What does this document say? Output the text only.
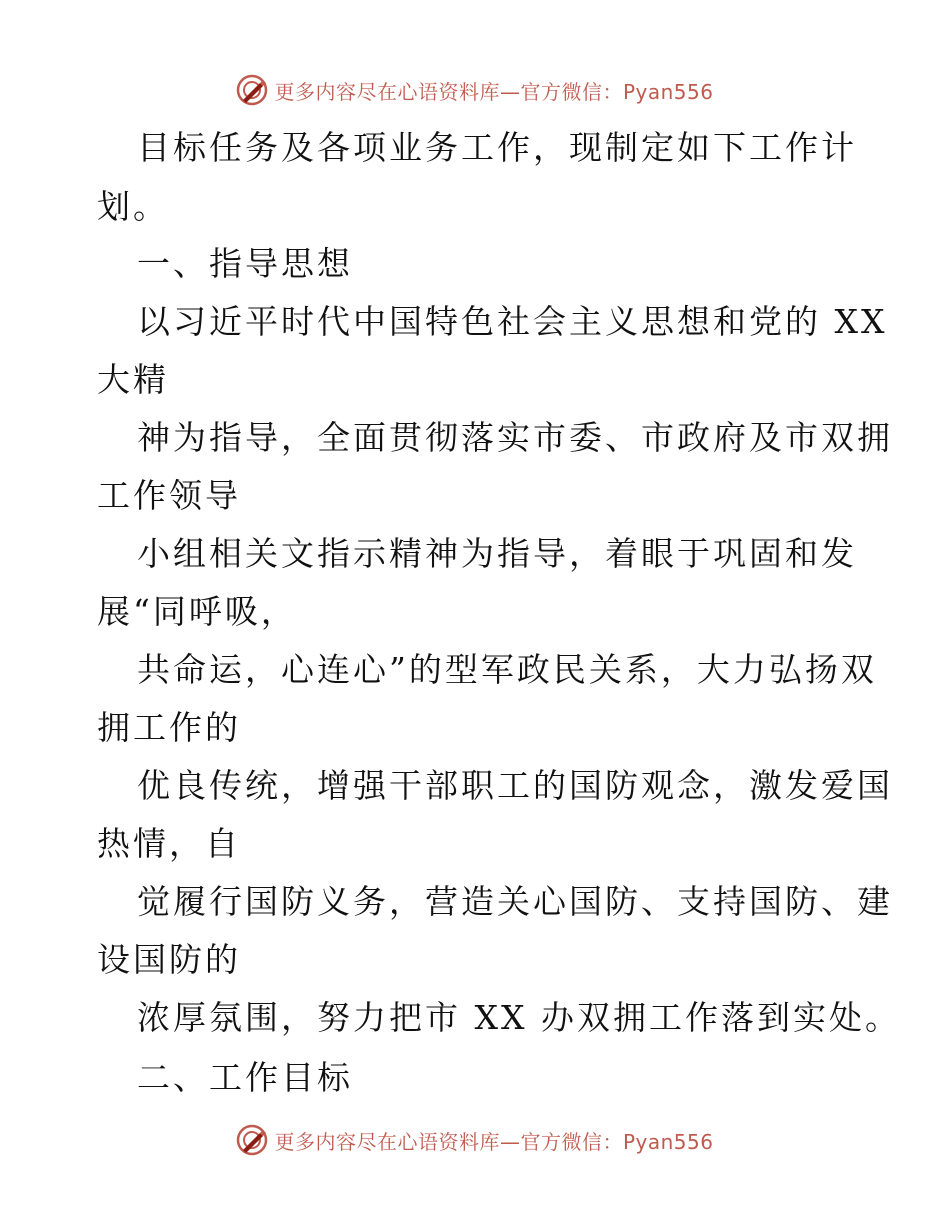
更多内容尽在心语资料库—官方微信：Pyan556
目标任务及各项业务工作，现制定如下工作计
划。
一、指导思想
以习近平时代中国特色社会主义思想和党的 XX
大精
神为指导，全面贯彻落实市委、市政府及市双拥
工作领导
小组相关文指示精神为指导，着眼于巩固和发
展“同呼吸，
共命运，心连心”的型军政民关系，大力弘扬双
拥工作的
优良传统，增强干部职工的国防观念，激发爱国
热情，自
觉履行国防义务，营造关心国防、支持国防、建
设国防的
浓厚氛围，努力把市 XX 办双拥工作落到实处。
二、工作目标
更多内容尽在心语资料库—官方微信：Pyan556
